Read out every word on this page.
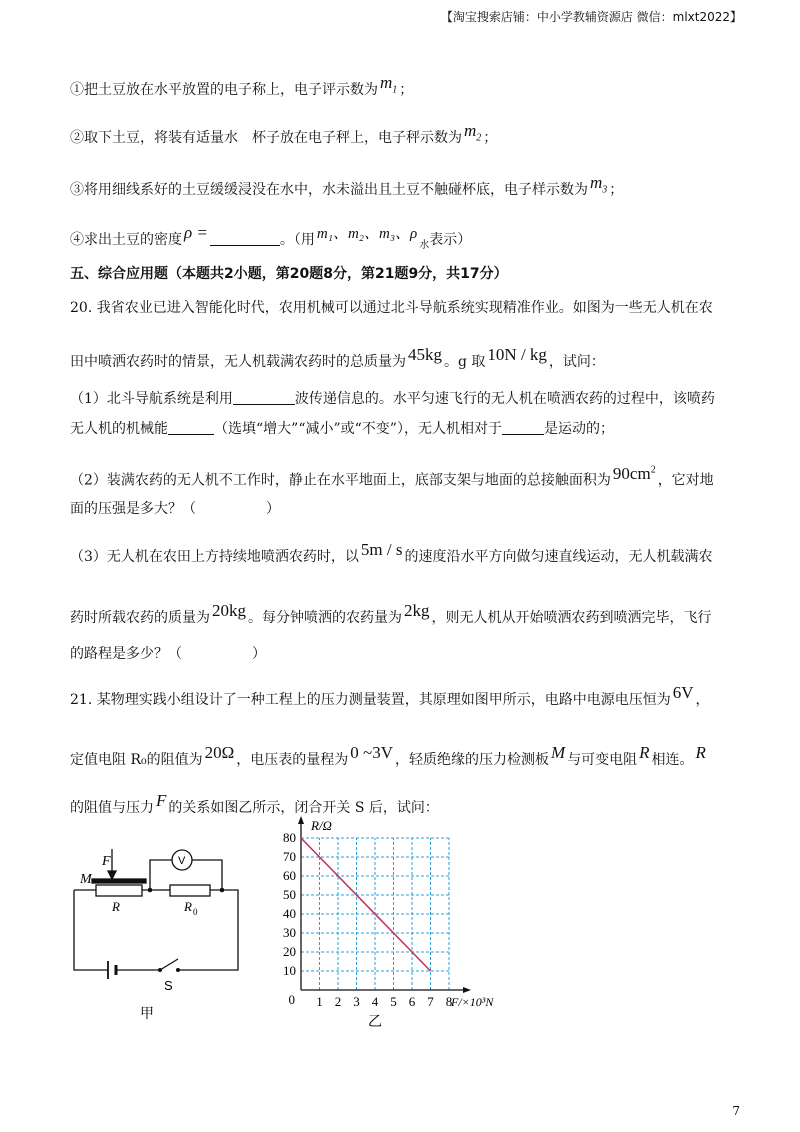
【淘宝搜索店铺：中小学教辅资源店 微信：mlxt2022】
①把土豆放在水平放置的电子称上，电子评示数为 $m_1$ ；
②取下土豆，将装有适量水　杯子放在电子秤上，电子秤示数为 $m_2$ ；
③将用细线系好的土豆缓缓浸没在水中，水未溢出且土豆不触碰杯底，电子样示数为 $m_3$ ；
④求出土豆的密度 ρ =	。（用 m₁、m₂、m₃、$\rho_水$表示）
五、综合应用题（本题共2小题，第20题8分，第21题9分，共17分）
20. 我省农业已进入智能化时代，农用机械可以通过北斗导航系统实现精准作业。如图为一些无人机在农
田中喷洒农药时的情景，无人机载满农药时的总质量为 45kg 。g 取 10N / kg ，试问：
（1）北斗导航系统是利用	波传递信息的。水平匀速飞行的无人机在喷洒农药的过程中，该喷药
无人机的机械能	（选填“增大”“减小”或“不变”），无人机相对于	是运动的；
（2）装满农药的无人机不工作时，静止在水平地面上，底部支架与地面的总接触面积为 $90cm^2$，它对地
面的压强是多大？（　　　　　）
（3）无人机在农田上方持续地喷洒农药时，以 5m / s 的速度沿水平方向做匀速直线运动，无人机载满农
药时所载农药的质量为 20kg 。每分钟喷洒的农药量为 2kg ，则无人机从开始喷洒农药到喷洒完毕，飞行
的路程是多少？（　　　　　）
21. 某物理实践小组设计了一种工程上的压力测量装置，其原理如图甲所示，电路中电源电压恒为 6V ，
定值电阻 R₀的阻值为 20Ω ，电压表的量程为 0 ~3V ，轻质绝缘的压力检测板 M 与可变电阻 R 相连。 R
的阻值与压力 F 的关系如图乙所示，闭合开关 S 后，试问：
F
M
R	R 0
V
S
甲
1 2 3 4 5 6 7 8
10
20
30
40
50
60
70
80
0
R/Ω
F/×10³N
乙
7
